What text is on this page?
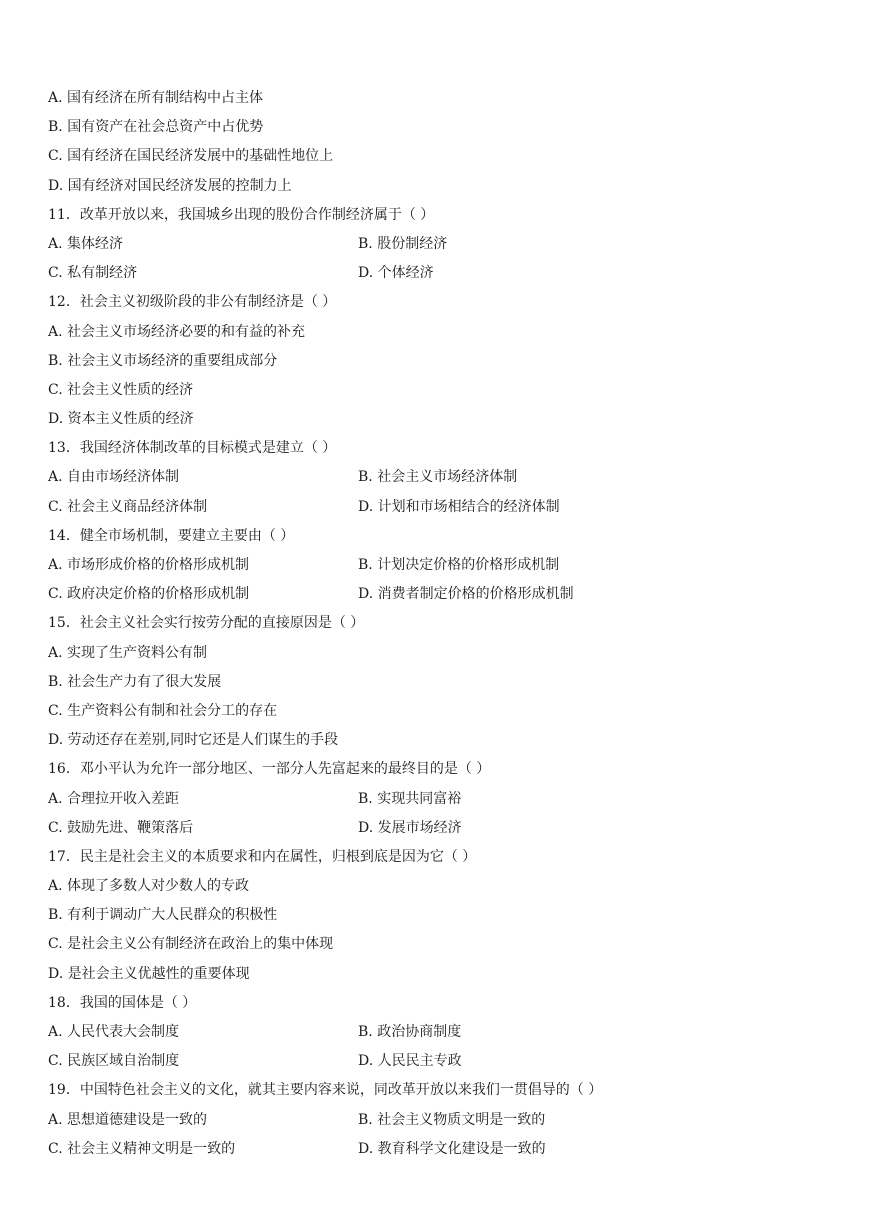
A. 国有经济在所有制结构中占主体
B. 国有资产在社会总资产中占优势
C. 国有经济在国民经济发展中的基础性地位上
D. 国有经济对国民经济发展的控制力上
11．改革开放以来，我国城乡出现的股份合作制经济属于（ ）
A. 集体经济	B. 股份制经济
C. 私有制经济	D. 个体经济
12．社会主义初级阶段的非公有制经济是（ ）
A. 社会主义市场经济必要的和有益的补充
B. 社会主义市场经济的重要组成部分
C. 社会主义性质的经济
D. 资本主义性质的经济
13．我国经济体制改革的目标模式是建立（ ）
A. 自由市场经济体制	B. 社会主义市场经济体制
C. 社会主义商品经济体制	D. 计划和市场相结合的经济体制
14．健全市场机制，要建立主要由（ ）
A. 市场形成价格的价格形成机制	B. 计划决定价格的价格形成机制
C. 政府决定价格的价格形成机制	D. 消费者制定价格的价格形成机制
15．社会主义社会实行按劳分配的直接原因是（ ）
A. 实现了生产资料公有制
B. 社会生产力有了很大发展
C. 生产资料公有制和社会分工的存在
D. 劳动还存在差别,同时它还是人们谋生的手段
16．邓小平认为允许一部分地区、一部分人先富起来的最终目的是（ ）
A. 合理拉开收入差距	B. 实现共同富裕
C. 鼓励先进、鞭策落后	D. 发展市场经济
17．民主是社会主义的本质要求和内在属性，归根到底是因为它（ ）
A. 体现了多数人对少数人的专政
B. 有利于调动广大人民群众的积极性
C. 是社会主义公有制经济在政治上的集中体现
D. 是社会主义优越性的重要体现
18．我国的国体是（ ）
A. 人民代表大会制度	B. 政治协商制度
C. 民族区域自治制度	D. 人民民主专政
19．中国特色社会主义的文化，就其主要内容来说，同改革开放以来我们一贯倡导的（ ）
A. 思想道德建设是一致的	B. 社会主义物质文明是一致的
C. 社会主义精神文明是一致的	D. 教育科学文化建设是一致的
